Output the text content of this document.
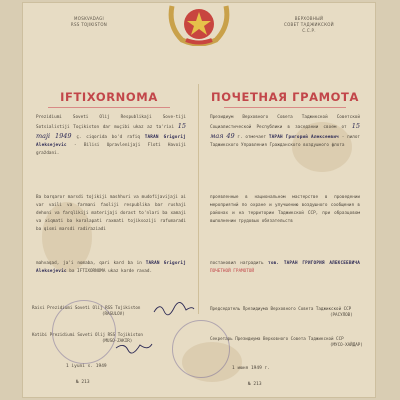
MOSKVADAGI
RSS TOJIKISTON
ВЕРХОВНЫЙ
СОВЕТ ТАДЖИКСКОЙ
С.С.Р.
IFTIXORNOMA	ПОЧЕТНАЯ ГРАМОТА
Prezidiumi Soveti Olij Respublikaji Sove-tiji Sotsialistiji Toçikiston dar muçibi ukaz az ta'rixi 15 maji 1949 ç. ciqorida bo'd rafiq TARAN Grigorij Aleksejevic - Bilisi Upravlenijaji Flotí Havoiji graždani.
Ba barqaror marsdi tojikiji mashhuri va mudofijavijaji ai var vaili va farmani faoliji respublika bar rushaji dehoni va farqlikiji materijaji dorast to'nlari ba xamaji va xiqmati ba koralapati raxmati tojiksoziji rafumaradi ba qismi marsdi radiraziadi
mahvaqad, ja'i nomaba, qari kard ba in TARAN Grigorij Aleksejevic ba IFTIXORNOMA ukaz karde ravad.
Президиум Верховного Совета Таджикской Советской Социалистической Республики в заседании своем от 15 мая 49 г. отмечает ТАРАН Григорий Алексеевич - пилот Таджикского Управления Гражданского воздушного флота
проявленные в национальном мастерстве в проведении мероприятий по охране и улучшению воздушного сообщения в районах и на территории Таджикской ССР, при образцовом выполнении трудовых обязательств
постановил наградить тов. ТАРАН ГРИГОРИЯ АЛЕКСЕЕВИЧА ПОЧЕТНОЙ ГРАМОТОЙ
Raisi Prezidiumi Soveti Olij RSS Tojikiston
(RASULOV)
Kotibi Prezidiumi Soveti Olij RSS Tojikiston
(MUSO-ZAKIR)
Председатель Президиума Верховного Совета Таджикской ССР
(РАСУЛОВ)
Секретарь Президиума Верховного Совета Таджикской ССР
(МУСО-ХАЙДАР)
1 iyuni s. 1949
№ 213
1 июня 1949 г.
№ 213
